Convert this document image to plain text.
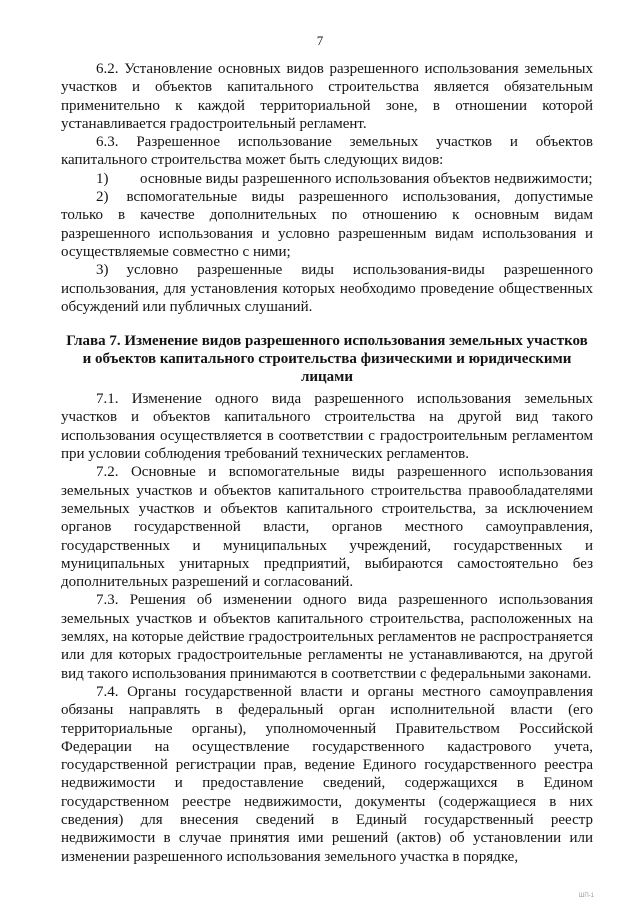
7

6.2. Установление основных видов разрешенного использования земельных участков и объектов капитального строительства является обязательным применительно к каждой территориальной зоне, в отношении которой устанавливается градостроительный регламент.

6.3. Разрешенное использование земельных участков и объектов капитального строительства может быть следующих видов:

1)	основные виды разрешенного использования объектов недвижимости;
2) вспомогательные виды разрешенного использования, допустимые только в качестве дополнительных по отношению к основным видам разрешенного использования и условно разрешенным видам использования и осуществляемые совместно с ними;
3) условно разрешенные виды использования-виды разрешенного использования, для установления которых необходимо проведение общественных обсуждений или публичных слушаний.
Глава 7. Изменение видов разрешенного использования земельных участков и объектов капитального строительства физическими и юридическими лицами

7.1. Изменение одного вида разрешенного использования земельных участков и объектов капитального строительства на другой вид такого использования осуществляется в соответствии с градостроительным регламентом при условии соблюдения требований технических регламентов.

7.2. Основные и вспомогательные виды разрешенного использования земельных участков и объектов капитального строительства правообладателями земельных участков и объектов капитального строительства, за исключением органов государственной власти, органов местного самоуправления, государственных и муниципальных учреждений, государственных и муниципальных унитарных предприятий, выбираются самостоятельно без дополнительных разрешений и согласований.

7.3. Решения об изменении одного вида разрешенного использования земельных участков и объектов капитального строительства, расположенных на землях, на которые действие градостроительных регламентов не распространяется или для которых градостроительные регламенты не устанавливаются, на другой вид такого использования принимаются в соответствии с федеральными законами.

7.4. Органы государственной власти и органы местного самоуправления обязаны направлять в федеральный орган исполнительной власти (его территориальные органы), уполномоченный Правительством Российской Федерации на осуществление государственного кадастрового учета, государственной регистрации прав, ведение Единого государственного реестра недвижимости и предоставление сведений, содержащихся в Едином государственном реестре недвижимости, документы (содержащиеся в них сведения) для внесения сведений в Единый государственный реестр недвижимости в случае принятия ими решений (актов) об установлении или изменении разрешенного использования земельного участка в порядке,

ШП-1
